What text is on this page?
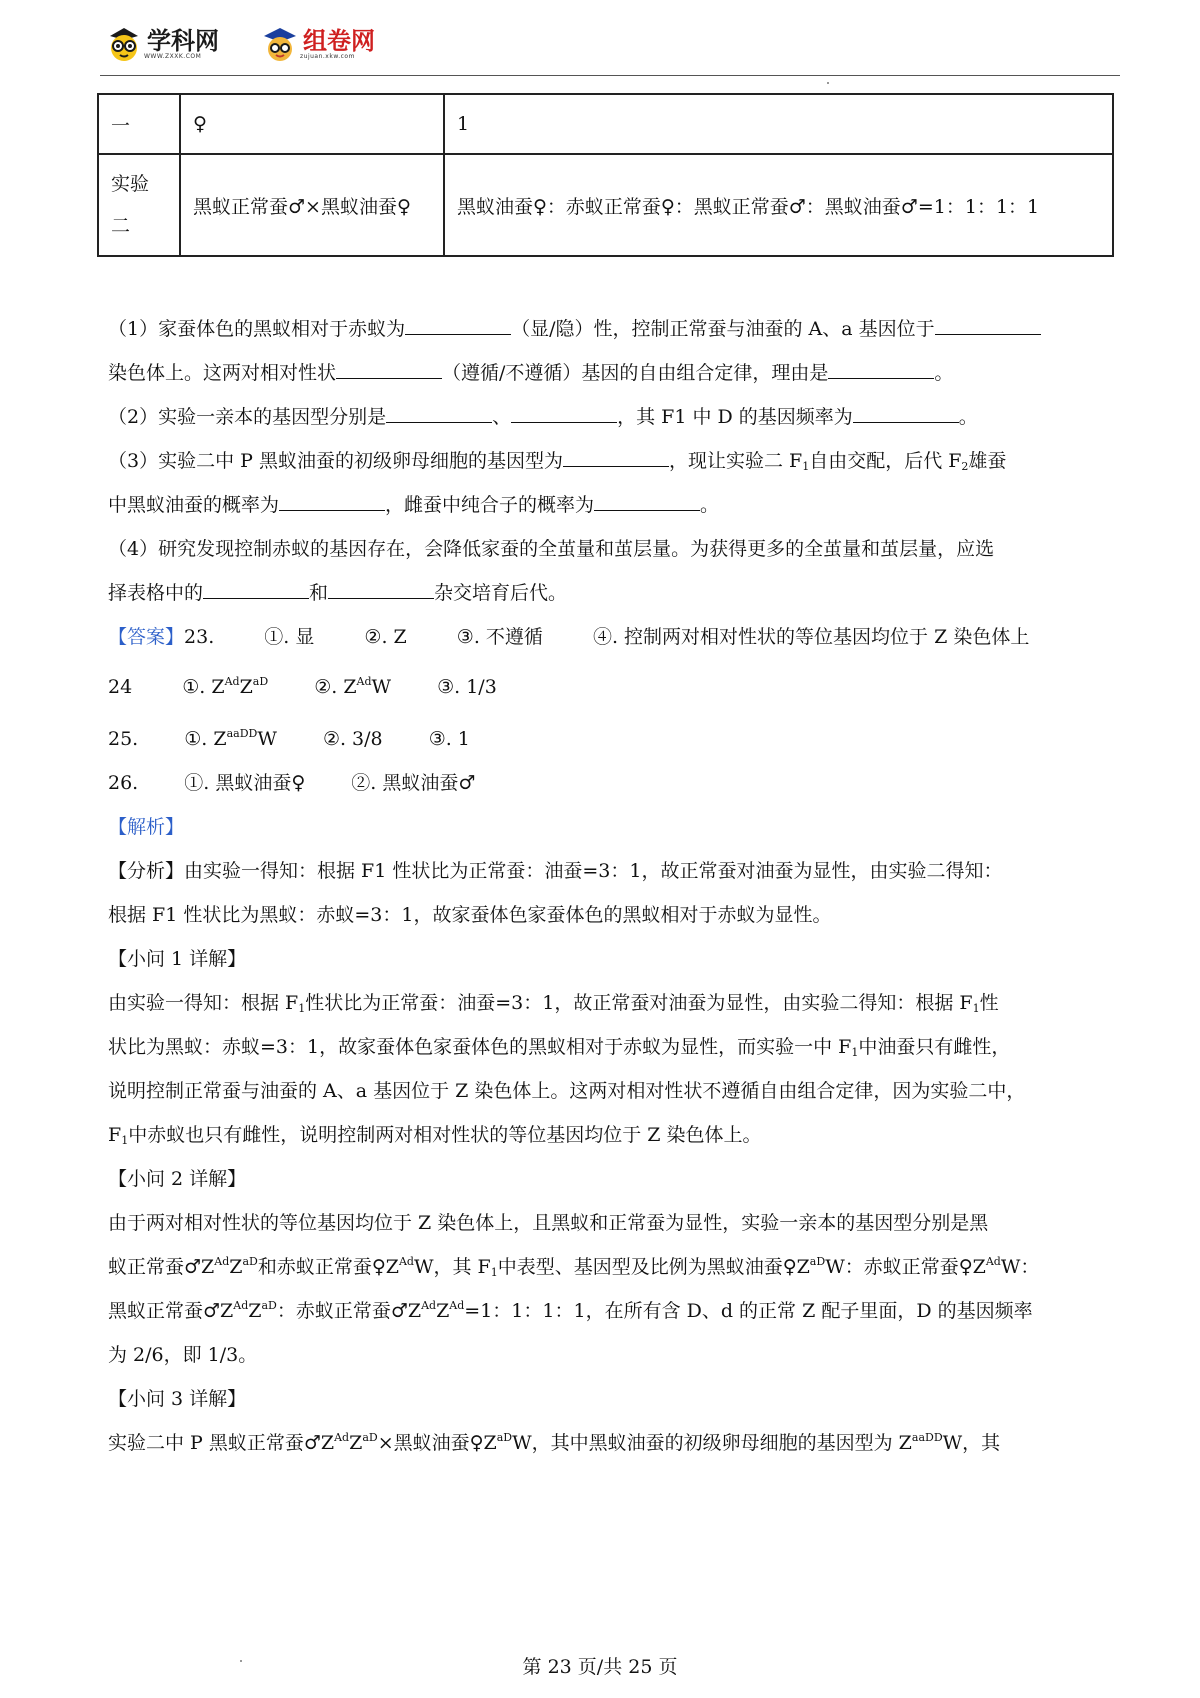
学科网
WWW.ZXXK.COM
组卷网
zujuan.xkw.com
一	♀	1

实验
二	黑蚁正常蚕♂×黑蚁油蚕♀	黑蚁油蚕♀：赤蚁正常蚕♀：黑蚁正常蚕♂：黑蚁油蚕♂=1：1：1：1
（1）家蚕体色的黑蚁相对于赤蚁为	（显/隐）性，控制正常蚕与油蚕的 A、a 基因位于
染色体上。这两对相对性状	（遵循/不遵循）基因的自由组合定律，理由是	。
（2）实验一亲本的基因型分别是	、	，其 F1 中 D 的基因频率为	。
（3）实验二中 P 黑蚁油蚕的初级卵母细胞的基因型为	，现让实验二 $F_1$自由交配，后代 $F_2$雄蚕
中黑蚁油蚕的概率为	，雌蚕中纯合子的概率为	。
（4）研究发现控制赤蚁的基因存在，会降低家蚕的全茧量和茧层量。为获得更多的全茧量和茧层量，应选
择表格中的	和	杂交培育后代。
【答案】23.	①. 显	②. Z	③. 不遵循	④. 控制两对相对性状的等位基因均位于 Z 染色体上
24	①. $Z^{Ad}Z^{aD}$ ②. $Z^{Ad}W$ ③. 1/3
25. ①. $Z^{aaDD}W$ ②. 3/8 ③. 1
26. ①. 黑蚁油蚕♀ ②. 黑蚁油蚕♂
【解析】
【分析】由实验一得知：根据 F1 性状比为正常蚕：油蚕=3：1，故正常蚕对油蚕为显性，由实验二得知：
根据 F1 性状比为黑蚁：赤蚁=3：1，故家蚕体色家蚕体色的黑蚁相对于赤蚁为显性。
【小问 1 详解】
由实验一得知：根据 $F_1$性状比为正常蚕：油蚕=3：1，故正常蚕对油蚕为显性，由实验二得知：根据 $F_1$性
状比为黑蚁：赤蚁=3：1，故家蚕体色家蚕体色的黑蚁相对于赤蚁为显性，而实验一中 $F_1$中油蚕只有雌性，
说明控制正常蚕与油蚕的 A、a 基因位于 Z 染色体上。这两对相对性状不遵循自由组合定律，因为实验二中，
$F_1$中赤蚁也只有雌性，说明控制两对相对性状的等位基因均位于 Z 染色体上。
【小问 2 详解】
由于两对相对性状的等位基因均位于 Z 染色体上，且黑蚁和正常蚕为显性，实验一亲本的基因型分别是黑
蚁正常蚕$♂Z^{Ad}Z^{aD}$和赤蚁正常蚕$♀Z^{Ad}W$，其 $F_1$中表型、基因型及比例为黑蚁油蚕$♀Z^{aD}W$：赤蚁正常蚕$♀Z^{Ad}W$：
黑蚁正常蚕$♂Z^{Ad}Z^{aD}$：赤蚁正常蚕$♂Z^{Ad}Z^{Ad}=1$：1：1：1，在所有含 D、d 的正常 Z 配子里面，D 的基因频率
为 2/6，即 1/3。
【小问 3 详解】
实验二中 P 黑蚁正常蚕$♂Z^{Ad}Z^{aD}\times$黑蚁油蚕$♀Z^{aD}W$，其中黑蚁油蚕的初级卵母细胞的基因型为 $Z^{aaDD}W$，其
第 23 页/共 25 页
